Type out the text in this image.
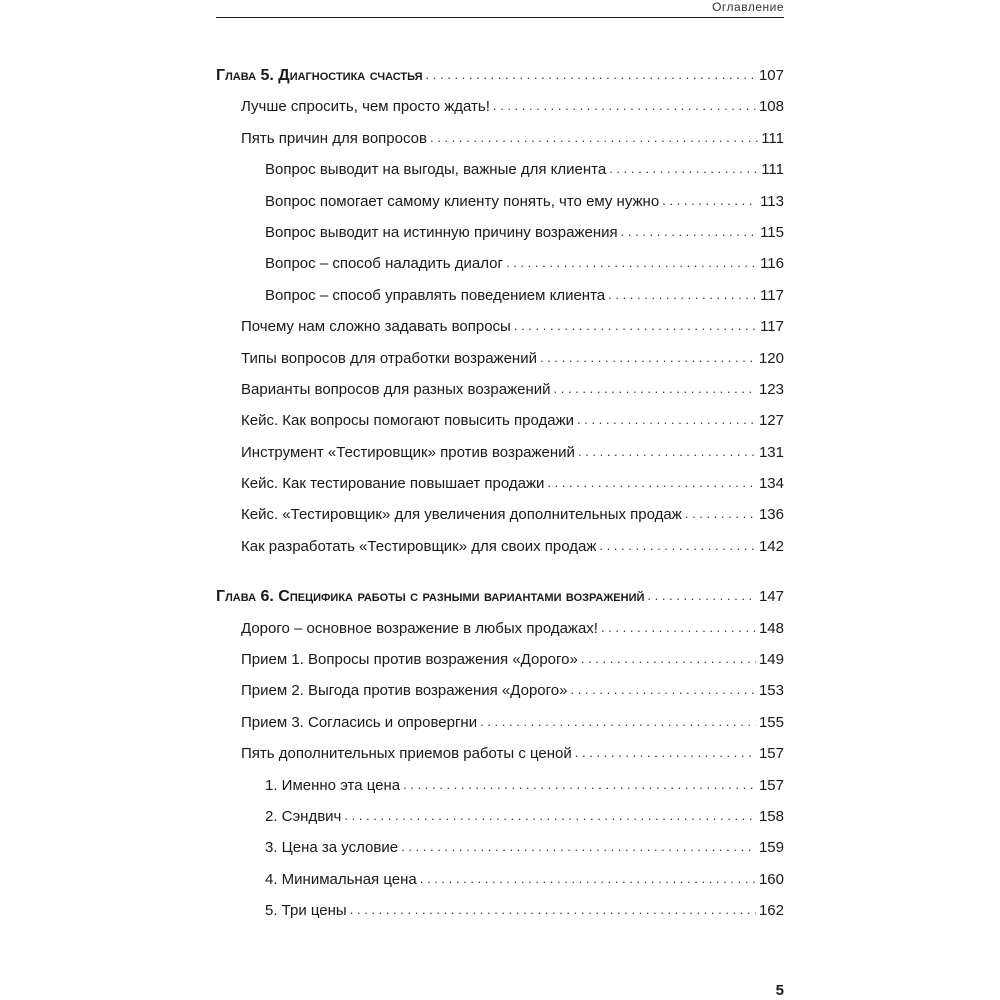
Оглавление
Глава 5. Диагностика счастья . . .	107
Лучше спросить, чем просто ждать! . . .	108
Пять причин для вопросов . . .	111
Вопрос выводит на выгоды, важные для клиента . . .	111
Вопрос помогает самому клиенту понять, что ему нужно . . .	113
Вопрос выводит на истинную причину возражения . . .	115
Вопрос – способ наладить диалог . . .	116
Вопрос – способ управлять поведением клиента . . .	117
Почему нам сложно задавать вопросы . . .	117
Типы вопросов для отработки возражений . . .	120
Варианты вопросов для разных возражений . . .	123
Кейс. Как вопросы помогают повысить продажи . . .	127
Инструмент «Тестировщик» против возражений . . .	131
Кейс. Как тестирование повышает продажи . . .	134
Кейс. «Тестировщик» для увеличения дополнительных продаж . . .	136
Как разработать «Тестировщик» для своих продаж . . .	142
Глава 6. Специфика работы с разными вариантами возражений . . .	147
Дорого – основное возражение в любых продажах! . . .	148
Прием 1. Вопросы против возражения «Дорого» . . .	149
Прием 2. Выгода против возражения «Дорого» . . .	153
Прием 3. Согласись и опровергни . . .	155
Пять дополнительных приемов работы с ценой . . .	157
1. Именно эта цена . . .	157
2. Сэндвич . . .	158
3. Цена за условие . . .	159
4. Минимальная цена . . .	160
5. Три цены . . .	162
5
